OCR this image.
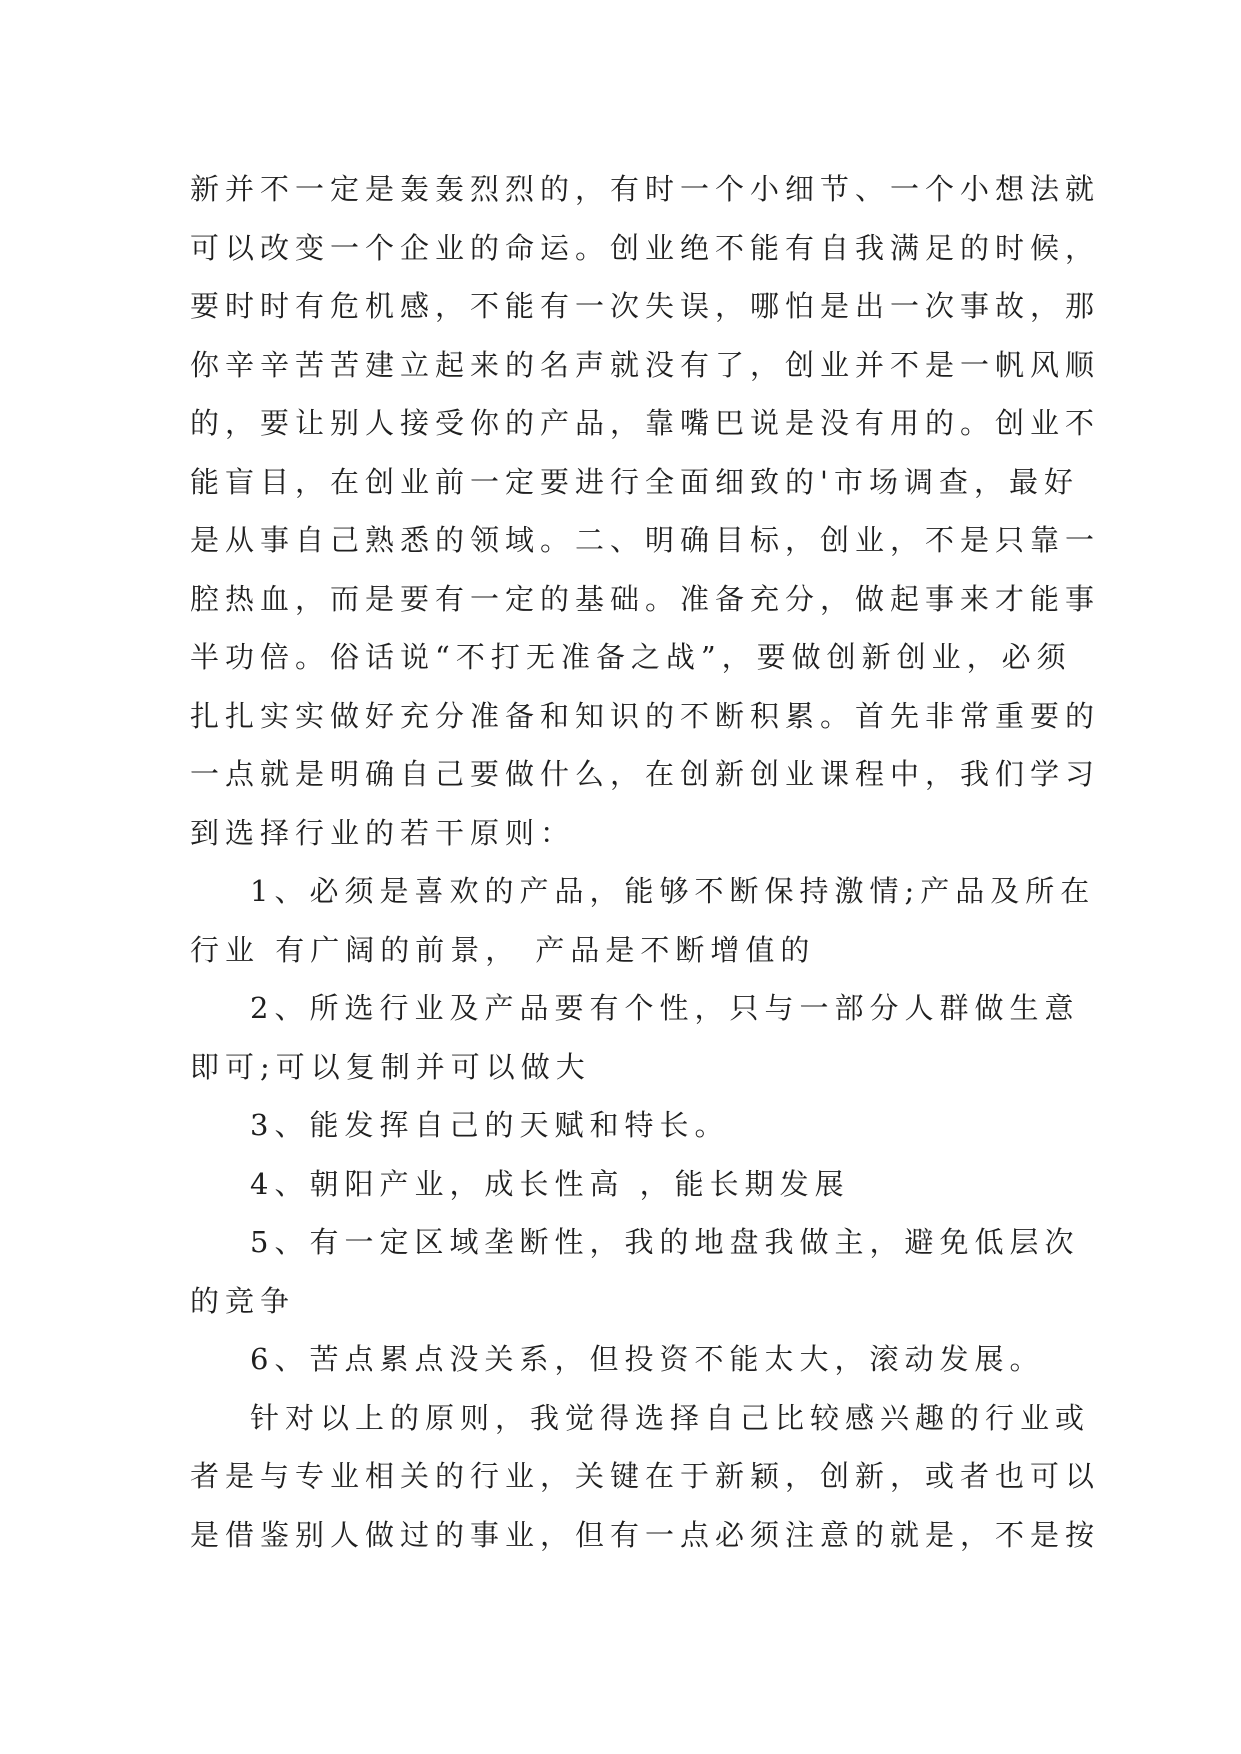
新并不一定是轰轰烈烈的，有时一个小细节、一个小想法就
可以改变一个企业的命运。创业绝不能有自我满足的时候，
要时时有危机感，不能有一次失误，哪怕是出一次事故，那
你辛辛苦苦建立起来的名声就没有了，创业并不是一帆风顺
的，要让别人接受你的产品，靠嘴巴说是没有用的。创业不
能盲目，在创业前一定要进行全面细致的'市场调查，最好
是从事自己熟悉的领域。二、明确目标，创业，不是只靠一
腔热血，而是要有一定的基础。准备充分，做起事来才能事
半功倍。俗话说“不打无准备之战”，要做创新创业，必须
扎扎实实做好充分准备和知识的不断积累。首先非常重要的
一点就是明确自己要做什么，在创新创业课程中，我们学习
到选择行业的若干原则：
1、必须是喜欢的产品，能够不断保持激情;产品及所在
行业 有广阔的前景， 产品是不断增值的
2、所选行业及产品要有个性，只与一部分人群做生意
即可;可以复制并可以做大
3、能发挥自己的天赋和特长。
4、朝阳产业，成长性高 ，能长期发展
5、有一定区域垄断性，我的地盘我做主，避免低层次
的竞争
6、苦点累点没关系，但投资不能太大，滚动发展。
针对以上的原则，我觉得选择自己比较感兴趣的行业或
者是与专业相关的行业，关键在于新颖，创新，或者也可以
是借鉴别人做过的事业，但有一点必须注意的就是，不是按
